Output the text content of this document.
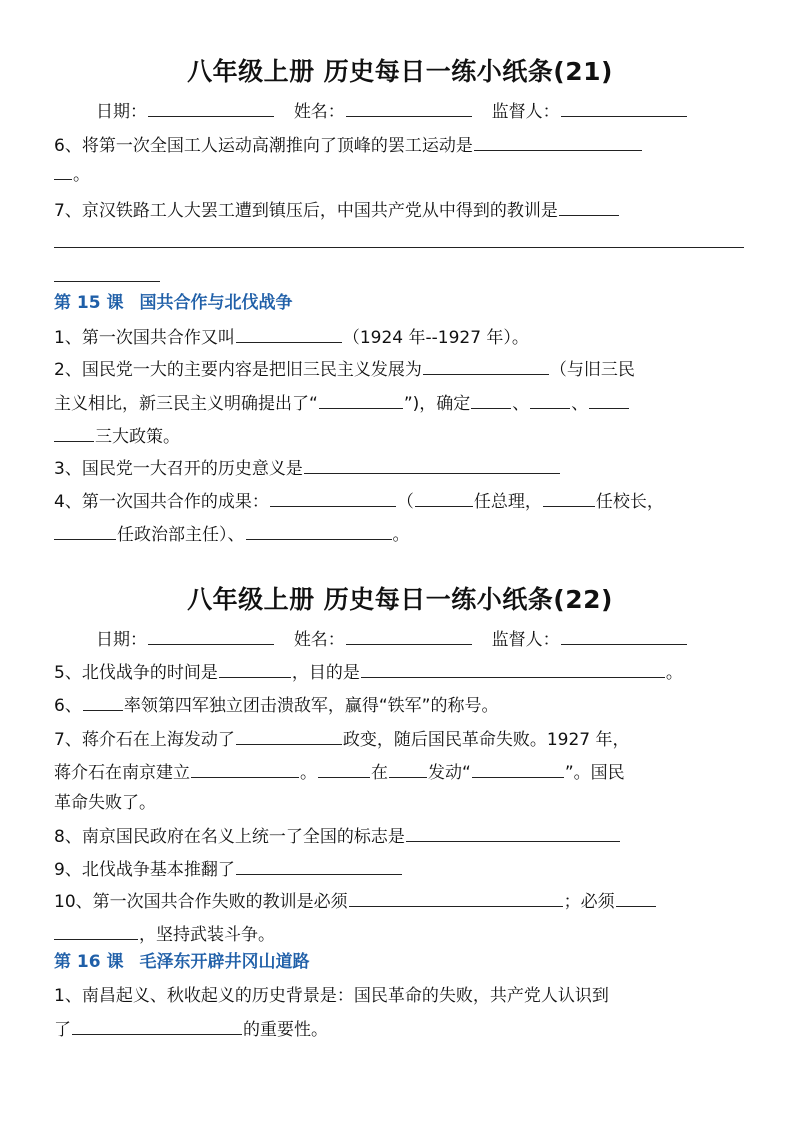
八年级上册 历史每日一练小纸条(21)
日期：	姓名：	监督人：
6、将第一次全国工人运动高潮推向了顶峰的罢工运动是
。
7、京汉铁路工人大罢工遭到镇压后，中国共产党从中得到的教训是
第 15 课 国共合作与北伐战争
1、第一次国共合作又叫	（1924 年--1927 年）。
2、国民党一大的主要内容是把旧三民主义发展为	（与旧三民
主义相比，新三民主义明确提出了“	”)，确定 、 、
三大政策。
3、国民党一大召开的历史意义是
4、第一次国共合作的成果：	（	任总理，	任校长，
任政治部主任）、	。
八年级上册 历史每日一练小纸条(22)
日期：	姓名：	监督人：
5、北伐战争的时间是	，目的是	。
6、 率领第四军独立团击溃敌军，赢得“铁军”的称号。
7、蒋介石在上海发动了	政变，随后国民革命失败。1927 年，
蒋介石在南京建立	。	在 发动“	”。国民
革命失败了。
8、南京国民政府在名义上统一了全国的标志是
9、北伐战争基本推翻了
10、第一次国共合作失败的教训是必须	；必须
，坚持武装斗争。
第 16 课 毛泽东开辟井冈山道路
1、南昌起义、秋收起义的历史背景是：国民革命的失败，共产党人认识到
了	的重要性。
